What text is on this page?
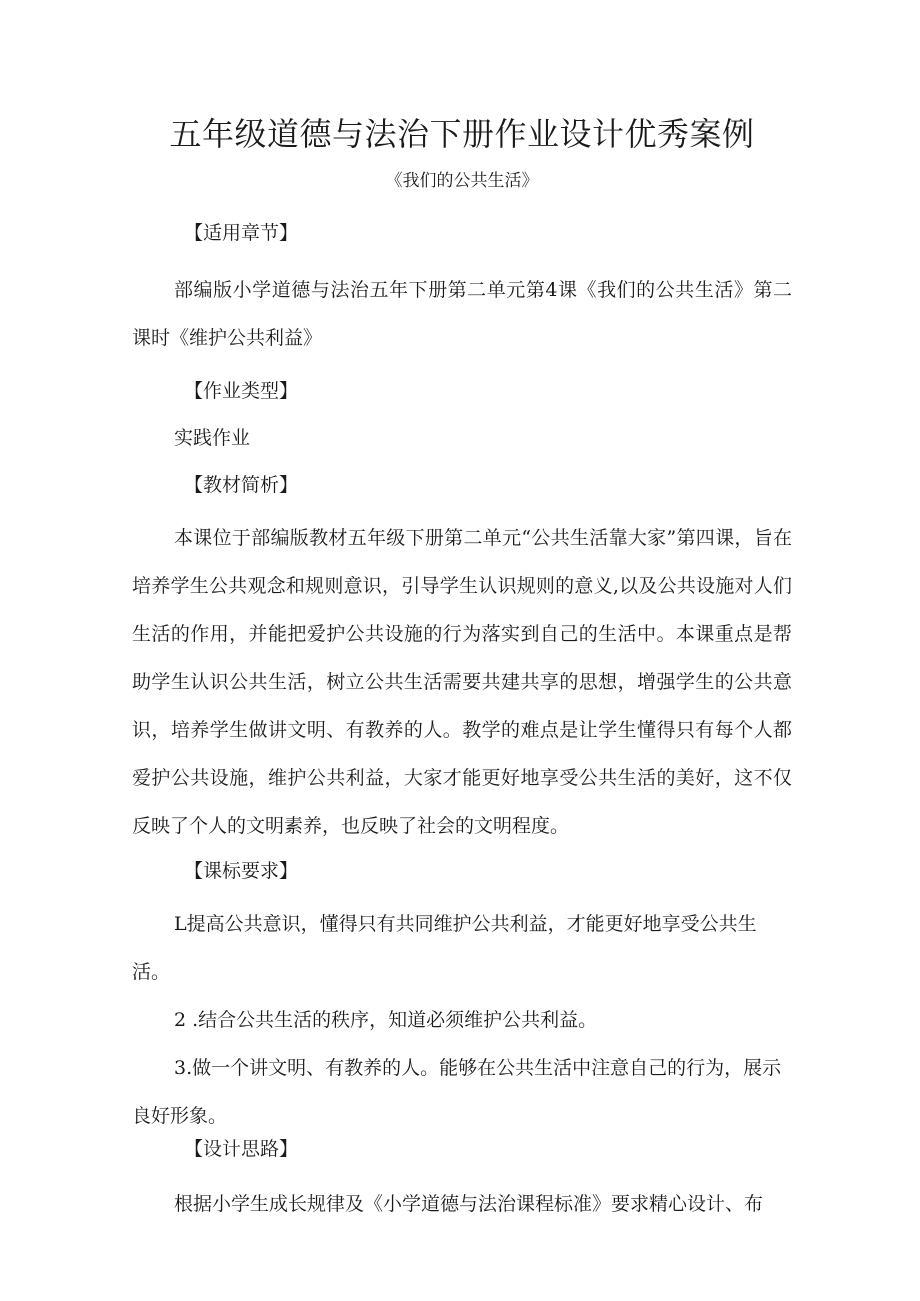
五年级道德与法治下册作业设计优秀案例

《我们的公共生活》

【适用章节】

部编版小学道德与法治五年下册第二单元第4课《我们的公共生活》第二课时《维护公共利益》

【作业类型】

实践作业

【教材简析】

本课位于部编版教材五年级下册第二单元“公共生活靠大家”第四课，旨在培养学生公共观念和规则意识，引导学生认识规则的意义,以及公共设施对人们生活的作用，并能把爱护公共设施的行为落实到自己的生活中。本课重点是帮助学生认识公共生活，树立公共生活需要共建共享的思想，增强学生的公共意识，培养学生做讲文明、有教养的人。教学的难点是让学生懂得只有每个人都爱护公共设施，维护公共利益，大家才能更好地享受公共生活的美好，这不仅反映了个人的文明素养，也反映了社会的文明程度。

【课标要求】

L提高公共意识，懂得只有共同维护公共利益，才能更好地享受公共生活。

2 .结合公共生活的秩序，知道必须维护公共利益。

3.做一个讲文明、有教养的人。能够在公共生活中注意自己的行为，展示良好形象。

【设计思路】

根据小学生成长规律及《小学道德与法治课程标准》要求精心设计、布
